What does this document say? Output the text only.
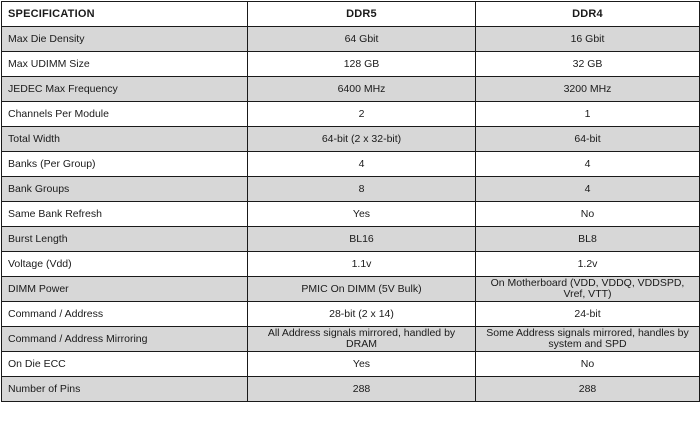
SPECIFICATION	DDR5	DDR4
Max Die Density	64 Gbit	16 Gbit
Max UDIMM Size	128 GB	32 GB
JEDEC Max Frequency	6400 MHz	3200 MHz
Channels Per Module	2	1
Total Width	64-bit (2 x 32-bit)	64-bit
Banks (Per Group)	4	4
Bank Groups	8	4
Same Bank Refresh	Yes	No
Burst Length	BL16	BL8
Voltage (Vdd)	1.1v	1.2v
DIMM Power	PMIC On DIMM (5V Bulk)	On Motherboard (VDD, VDDQ, VDDSPD, Vref, VTT)
Command / Address	28-bit (2 x 14)	24-bit
Command / Address Mirroring	All Address signals mirrored, handled by DRAM	Some Address signals mirrored, handles by system and SPD
On Die ECC	Yes	No
Number of Pins	288	288
